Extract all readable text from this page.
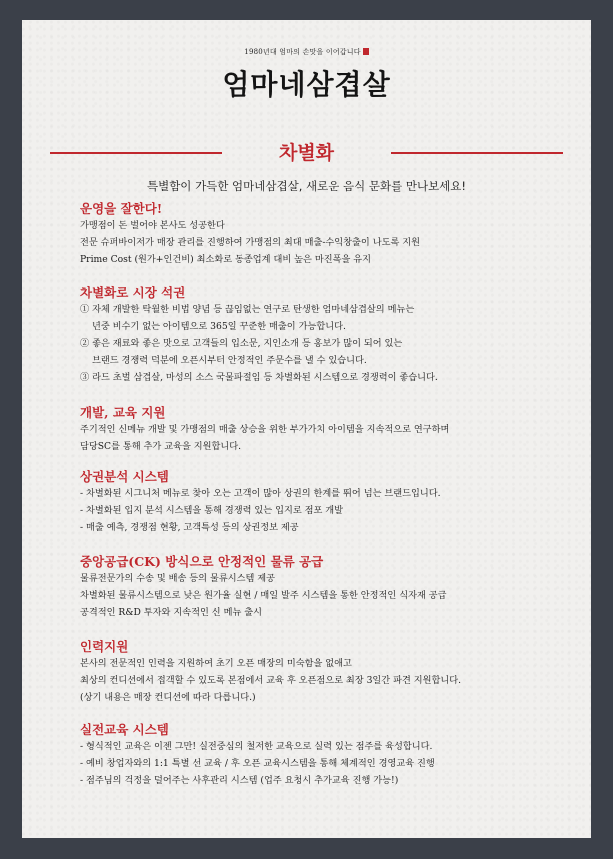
1980년대 엄마의 손맛을 이어갑니다
엄마네삼겹살
차별화
특별함이 가득한 엄마네삼겹살, 새로운 음식 문화를 만나보세요!
운영을 잘한다!
가맹점이 돈 벌어야 본사도 성공한다
전문 슈퍼바이저가 매장 관리를 진행하여 가맹점의 최대 매출-수익창출이 나도록 지원
Prime Cost (원가+인건비) 최소화로 동종업계 대비 높은 마진폭을 유지
차별화로 시장 석권
① 자체 개발한 탁월한 비법 양념 등 끊임없는 연구로 탄생한 엄마네삼겹살의 메뉴는
년중 비수기 없는 아이템으로 365일 꾸준한 매출이 가능합니다.
② 좋은 재료와 좋은 맛으로 고객들의 입소문, 지인소개 등 홍보가 많이 되어 있는
브랜드 경쟁력 덕분에 오픈시부터 안정적인 주문수를 낼 수 있습니다.
③ 라드 초벌 삼겹살, 마성의 소스 국물파절임 등 차별화된 시스템으로 경쟁력이 좋습니다.
개발, 교육 지원
주기적인 신메뉴 개발 및 가맹점의 매출 상승을 위한 부가가치 아이템을 지속적으로 연구하며
담당SC를 통해 추가 교육을 지원합니다.
상권분석 시스템
- 차별화된 시그니처 메뉴로 찾아 오는 고객이 많아 상권의 한계를 뛰어 넘는 브랜드입니다.
- 차별화된 입지 분석 시스템을 통해 경쟁력 있는 입지로 점포 개발
- 매출 예측, 경쟁점 현황, 고객특성 등의 상권정보 제공
중앙공급(CK) 방식으로 안정적인 물류 공급
물류전문가의 수송 및 배송 등의 물류시스템 제공
차별화된 물류시스템으로 낮은 원가율 실현 / 매일 발주 시스템을 통한 안정적인 식자재 공급
공격적인 R&D 투자와 지속적인 신 메뉴 출시
인력지원
본사의 전문적인 인력을 지원하여 초기 오픈 매장의 미숙함을 없애고
최상의 컨디션에서 접객할 수 있도록 본점에서 교육 후 오픈점으로 최장 3일간 파견 지원합니다.
(상기 내용은 매장 컨디션에 따라 다릅니다.)
실전교육 시스템
- 형식적인 교육은 이젠 그만! 실전중심의 철저한 교육으로 실력 있는 점주를 육성합니다.
- 예비 창업자와의 1:1 특별 선 교육 / 후 오픈 교육시스템을 통해 체계적인 경영교육 진행
- 점주님의 걱정을 덜어주는 사후관리 시스템 (업주 요청시 추가교육 진행 가능!)
